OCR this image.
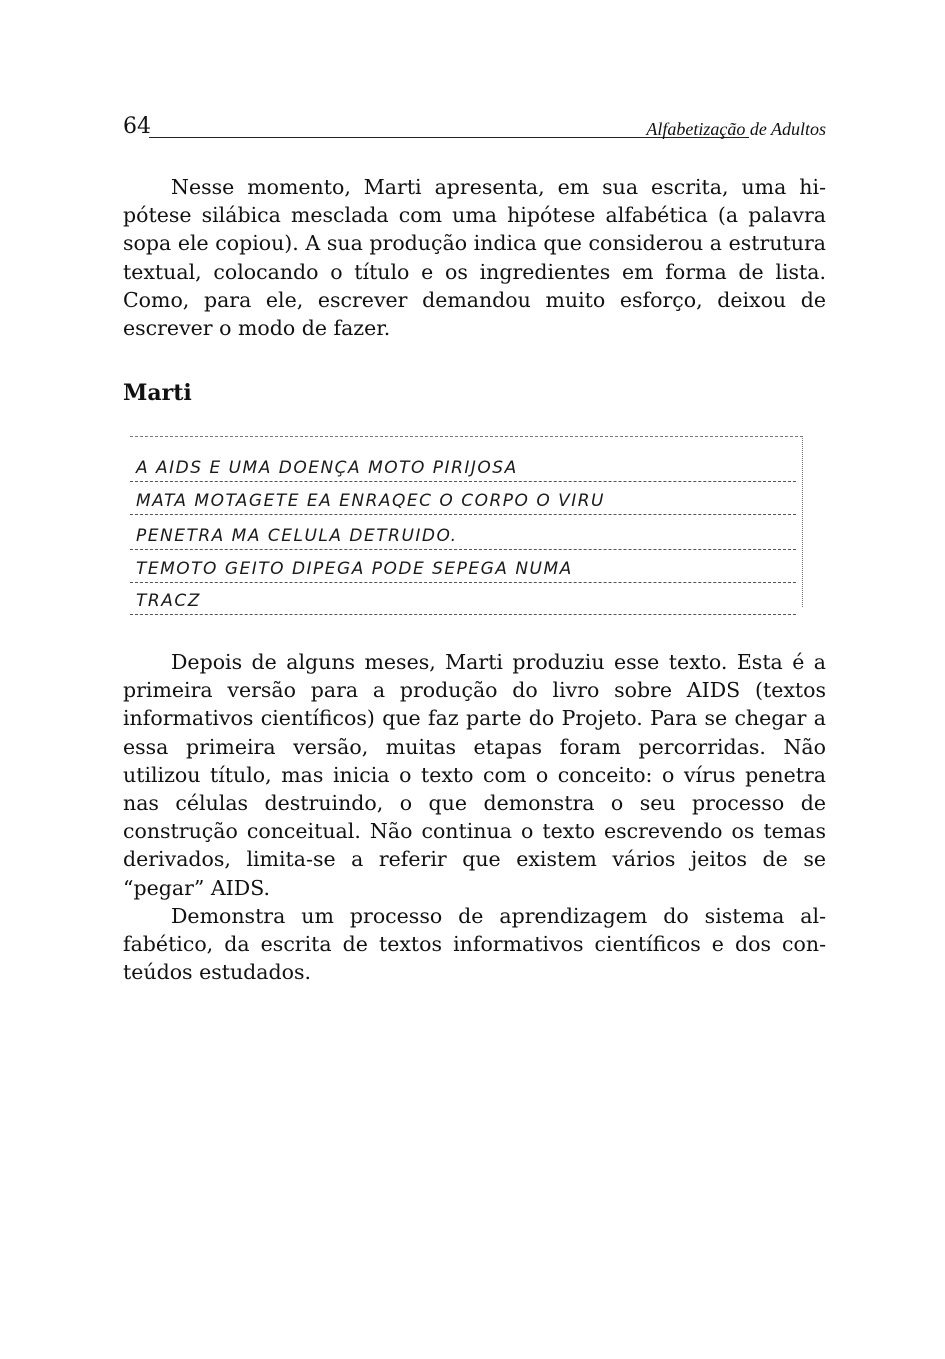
64	Alfabetização de Adultos

Nesse momento, Marti apresenta, em sua escrita, uma hipótese silábica mesclada com uma hipótese alfabética (a palavra sopa ele copiou). A sua produção indica que considerou a estrutura textual, colocando o título e os ingredientes em forma de lista. Como, para ele, escrever demandou muito esforço, deixou de escrever o modo de fazer.

Marti
A AIDS E UMA DOENÇA MOTO PIRIJOSA
MATA MOTAGETE EA ENRAQEC O CORPO O VIRU
PENETRA MA CELULA DETRUIDO.
TEMOTO GEITO DIPEGA PODE SEPEGA NUMA
TRACZ

Depois de alguns meses, Marti produziu esse texto. Esta é a primeira versão para a produção do livro sobre AIDS (textos informativos científicos) que faz parte do Projeto. Para se chegar a essa primeira versão, muitas etapas foram percorridas. Não utilizou título, mas inicia o texto com o conceito: o vírus penetra nas células destruindo, o que demonstra o seu processo de construção conceitual. Não continua o texto escrevendo os temas derivados, limita-se a referir que existem vários jeitos de se “pegar” AIDS.

Demonstra um processo de aprendizagem do sistema alfabético, da escrita de textos informativos científicos e dos conteúdos estudados.
